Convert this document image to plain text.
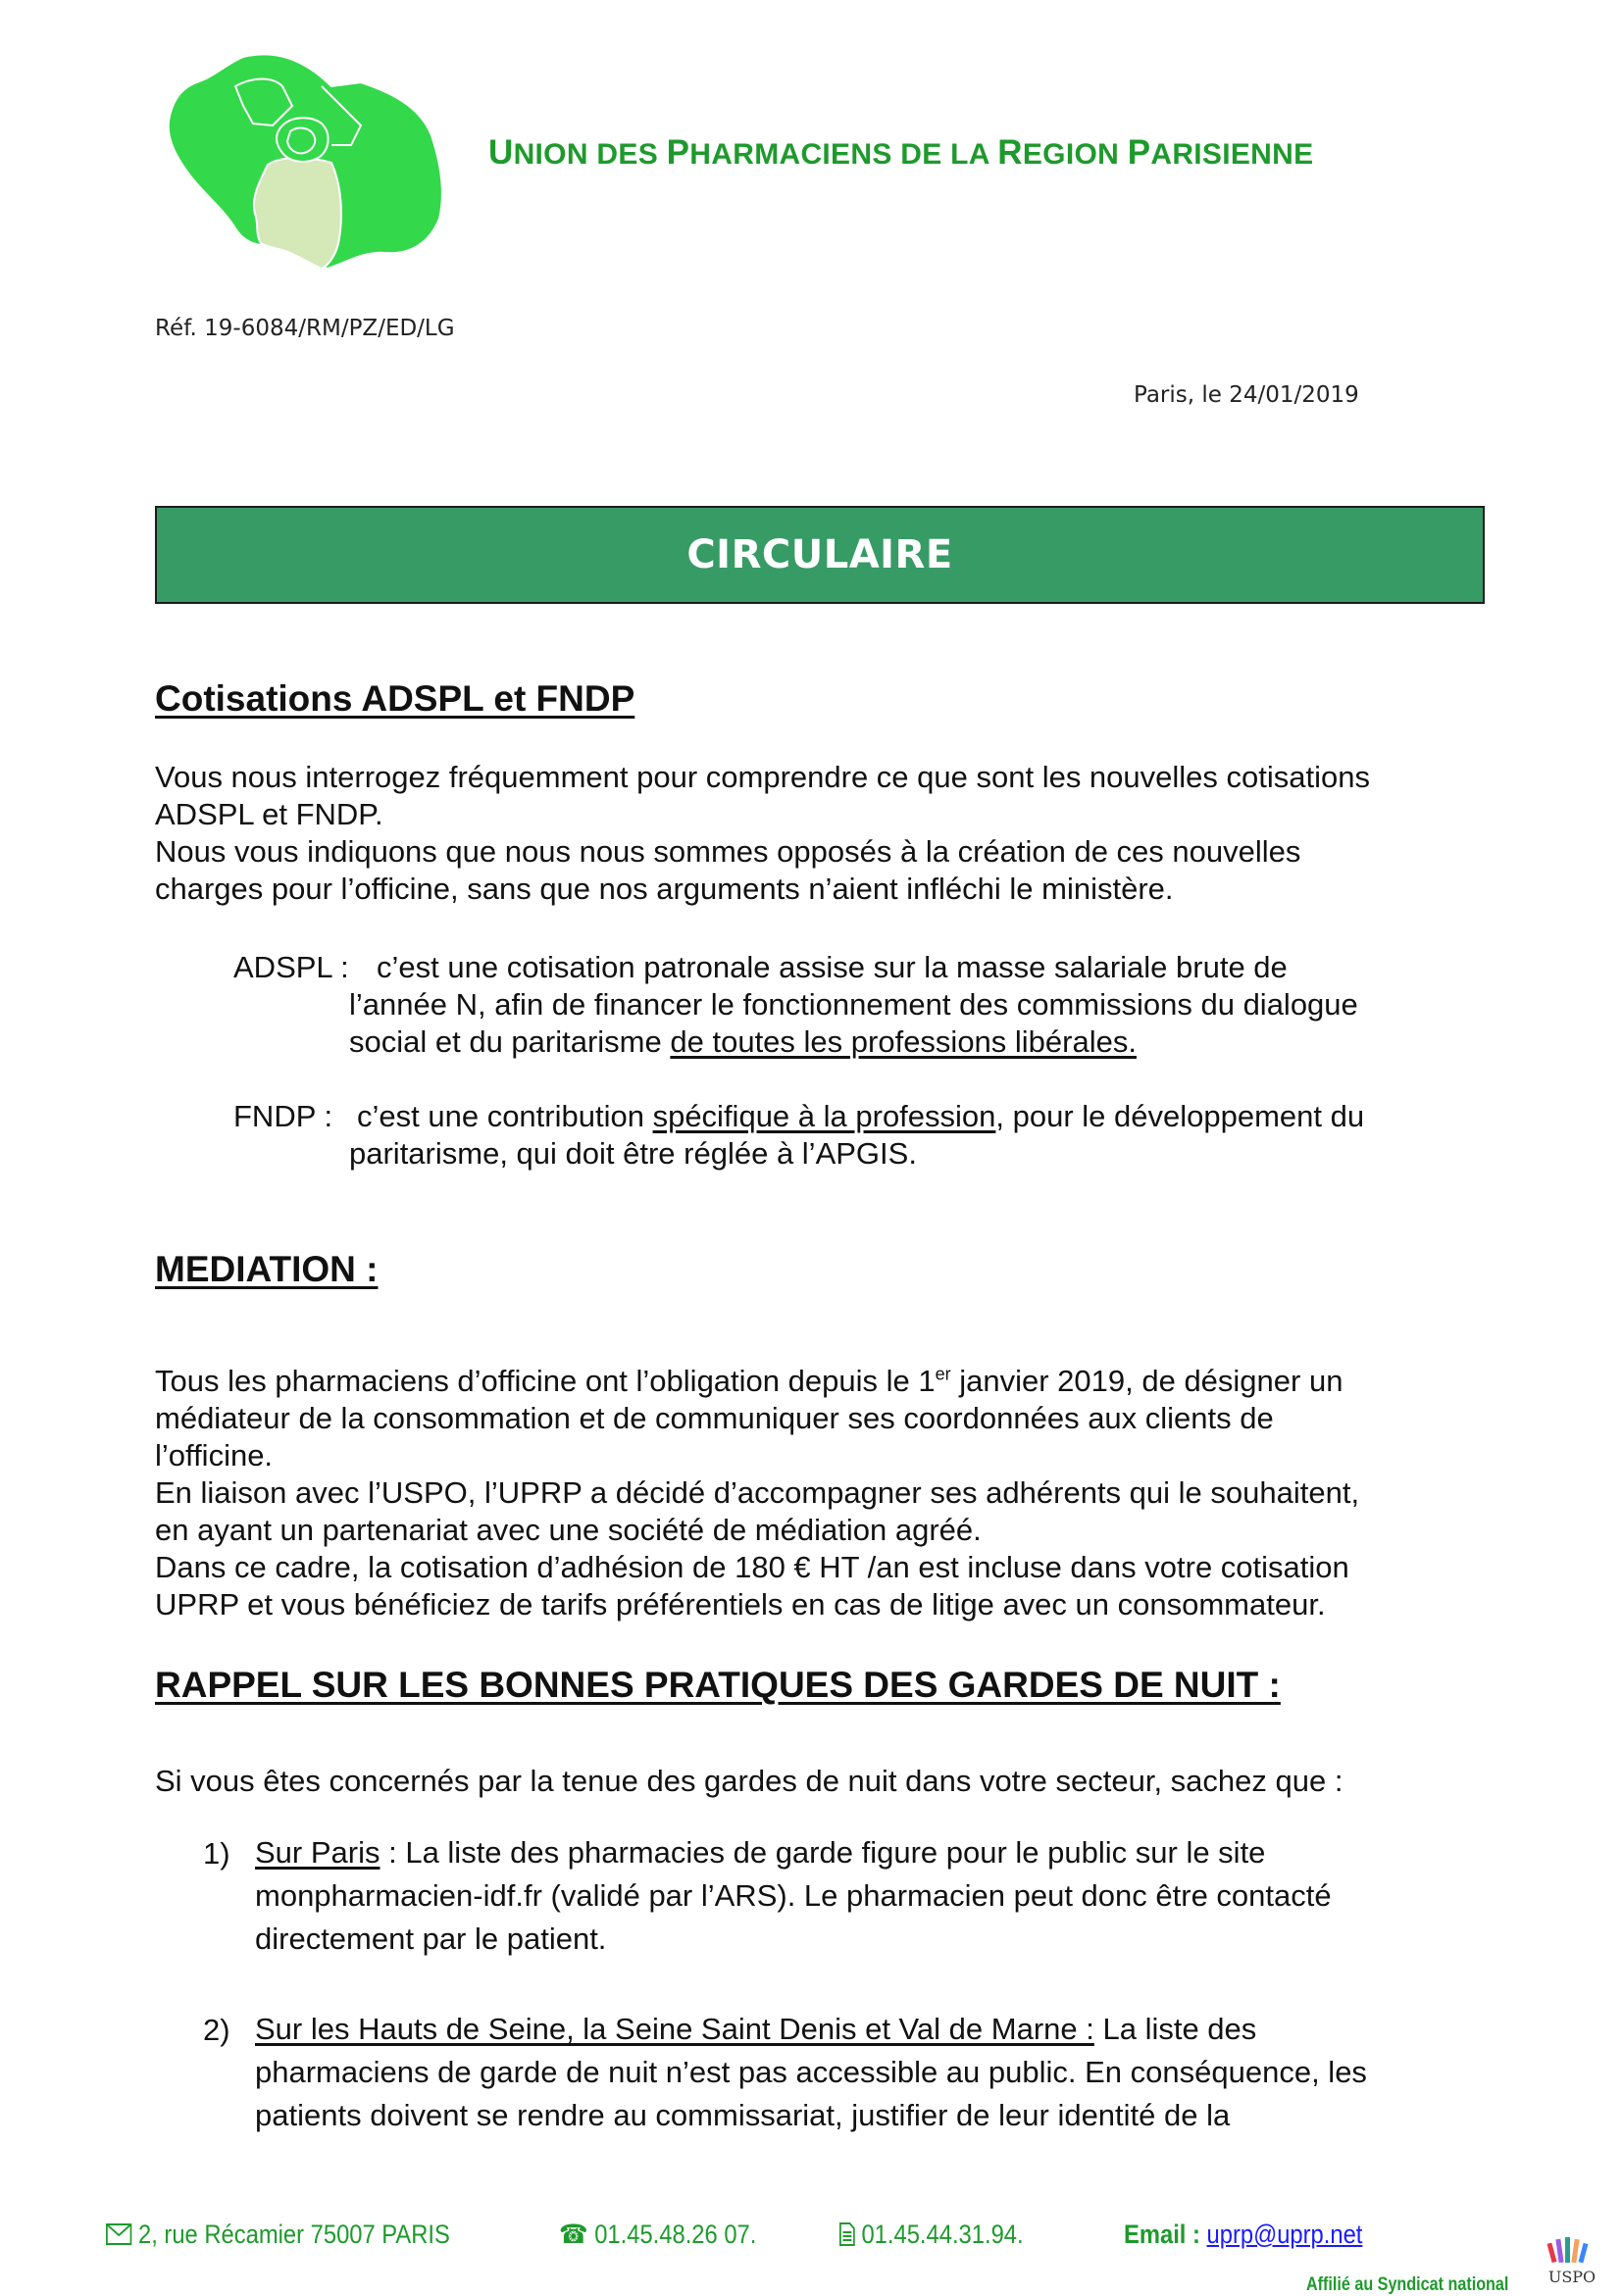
UNION DES PHARMACIENS DE LA REGION PARISIENNE
Réf. 19-6084/RM/PZ/ED/LG
Paris, le 24/01/2019
CIRCULAIRE
Cotisations ADSPL et FNDP
Vous nous interrogez fréquemment pour comprendre ce que sont les nouvelles cotisations
ADSPL et FNDP.
Nous vous indiquons que nous nous sommes opposés à la création de ces nouvelles
charges pour l’officine, sans que nos arguments n’aient infléchi le ministère.
ADSPL : c’est une cotisation patronale assise sur la masse salariale brute de
l’année N, afin de financer le fonctionnement des commissions du dialogue
social et du paritarisme de toutes les professions libérales.
FNDP : c’est une contribution spécifique à la profession, pour le développement du
paritarisme, qui doit être réglée à l’APGIS.
MEDIATION :
Tous les pharmaciens d’officine ont l’obligation depuis le 1er janvier 2019, de désigner un
médiateur de la consommation et de communiquer ses coordonnées aux clients de
l’officine.
En liaison avec l’USPO, l’UPRP a décidé d’accompagner ses adhérents qui le souhaitent,
en ayant un partenariat avec une société de médiation agréé.
Dans ce cadre, la cotisation d’adhésion de 180 € HT /an est incluse dans votre cotisation
UPRP et vous bénéficiez de tarifs préférentiels en cas de litige avec un consommateur.
RAPPEL SUR LES BONNES PRATIQUES DES GARDES DE NUIT :
Si vous êtes concernés par la tenue des gardes de nuit dans votre secteur, sachez que :
1) Sur Paris : La liste des pharmacies de garde figure pour le public sur le site
monpharmacien-idf.fr (validé par l’ARS). Le pharmacien peut donc être contacté
directement par le patient.
2) Sur les Hauts de Seine, la Seine Saint Denis et Val de Marne : La liste des
pharmaciens de garde de nuit n’est pas accessible au public. En conséquence, les
patients doivent se rendre au commissariat, justifier de leur identité de la
2, rue Récamier 75007 PARIS	☎ 01.45.48.26 07.	01.45.44.31.94.	Email : uprp@uprp.net
Affilié au Syndicat national	USPO
